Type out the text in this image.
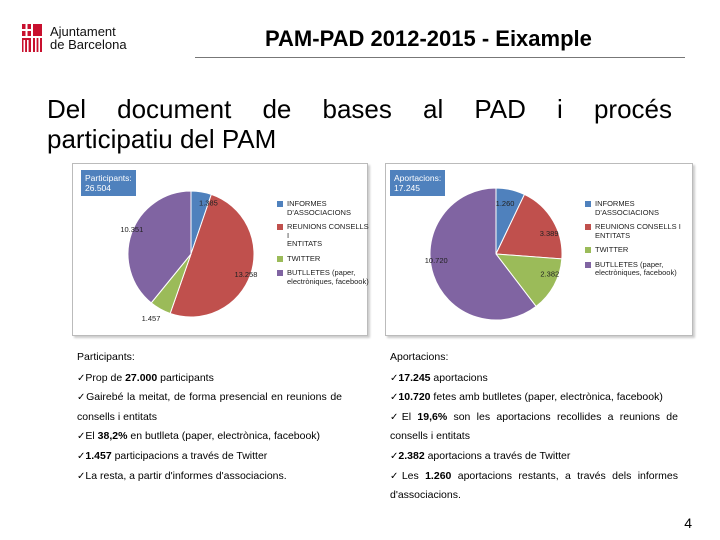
Ajuntament
de Barcelona	PAM-PAD 2012-2015 - Eixample
Del document de bases al PAD i procés
participatiu del PAM
Participants:
26.504
1.385
13.258
1.457
10.351
INFORMES
D'ASSOCIACIONS
REUNIONS CONSELLS I
ENTITATS
TWITTER
BUTLLETES (paper,
electròniques, facebook)
Aportacions:
17.245
1.260
3.389
2.382
10.720
INFORMES
D'ASSOCIACIONS
REUNIONS CONSELLS I
ENTITATS
TWITTER
BUTLLETES (paper,
electròniques, facebook)
Participants:

✓Prop de 27.000 participants

✓Gairebé la meitat, de forma presencial en reunions de consells i entitats

✓El 38,2% en butlleta (paper, electrònica, facebook)

✓1.457 participacions a través de Twitter

✓La resta, a partir d'informes d'associacions.

Aportacions:

✓17.245 aportacions

✓10.720 fetes amb butlletes (paper, electrònica, facebook)

✓El 19,6% son les aportacions recollides a reunions de consells i entitats

✓2.382 aportacions a través de Twitter

✓Les 1.260 aportacions restants, a través dels informes d'associacions.

4
